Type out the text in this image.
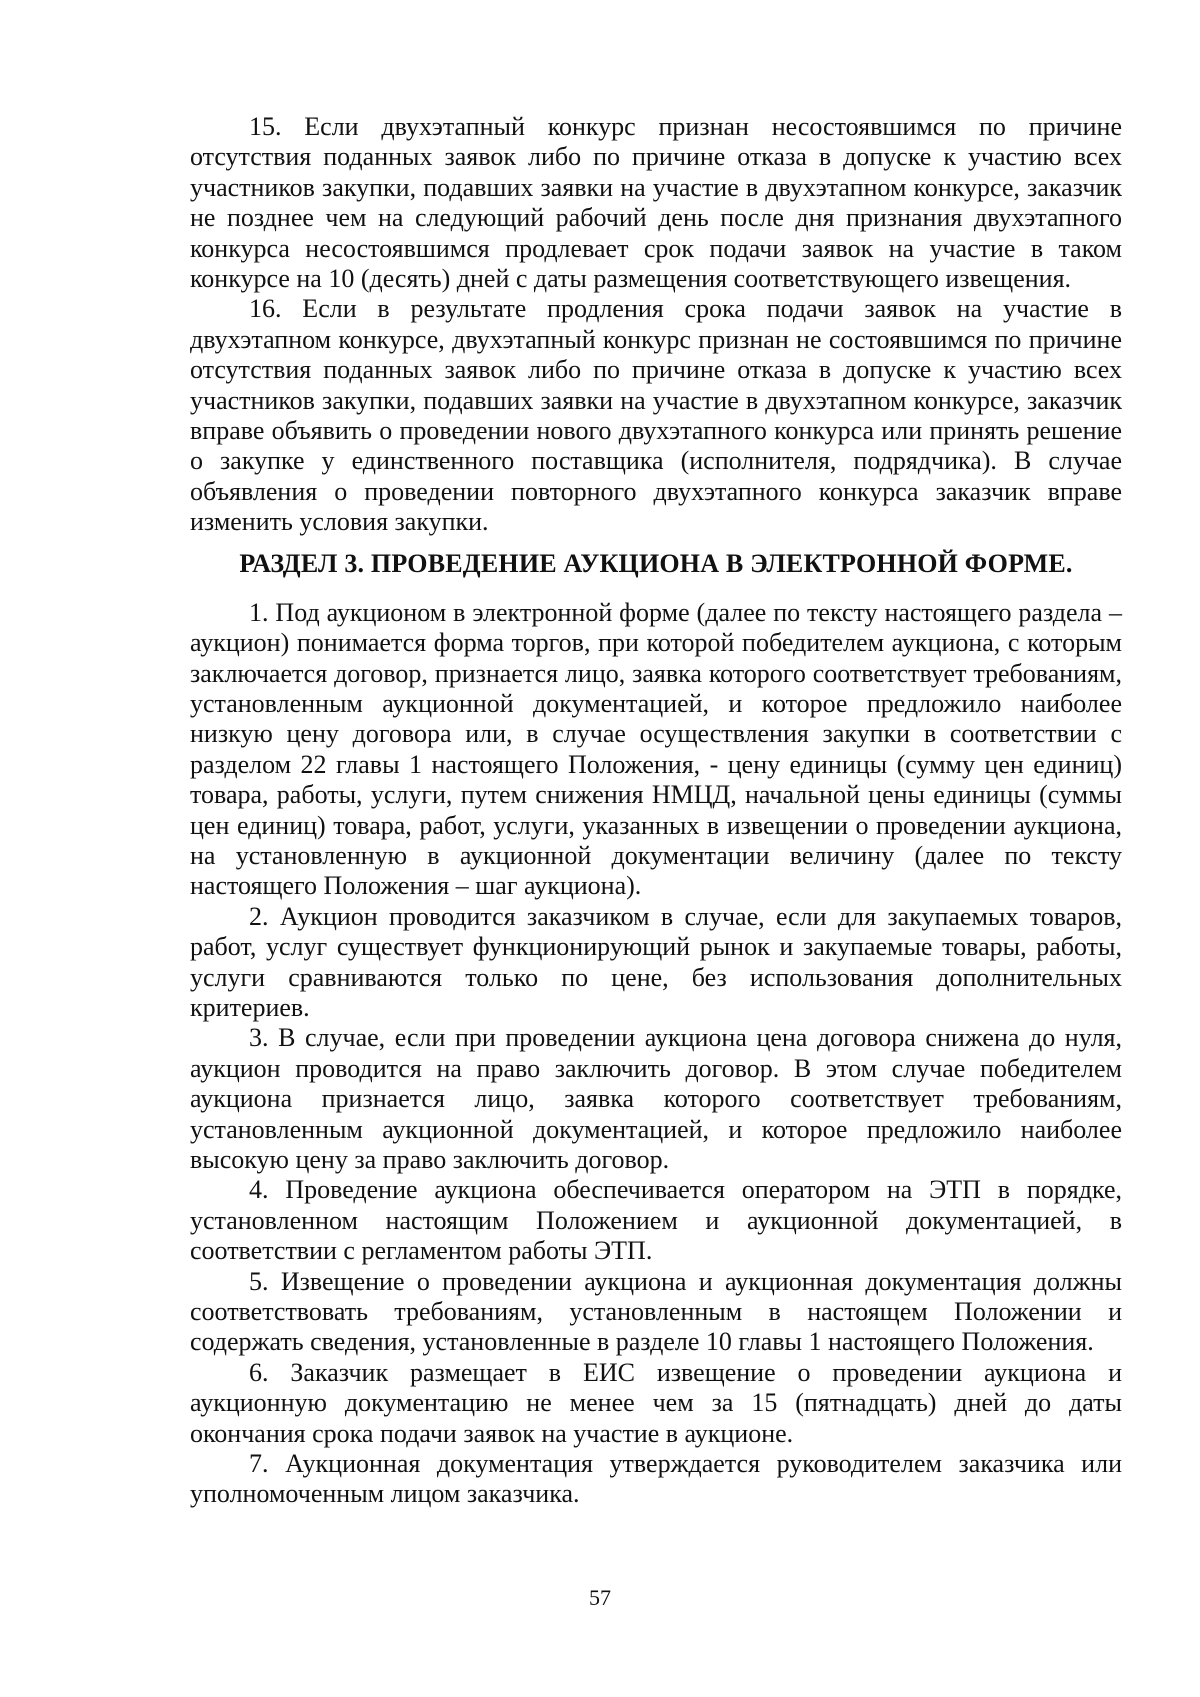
15. Если двухэтапный конкурс признан несостоявшимся по причине отсутствия поданных заявок либо по причине отказа в допуске к участию всех участников закупки, подавших заявки на участие в двухэтапном конкурсе, заказчик не позднее чем на следующий рабочий день после дня признания двухэтапного конкурса несостоявшимся продлевает срок подачи заявок на участие в таком конкурсе на 10 (десять) дней с даты размещения соответствующего извещения.

16. Если в результате продления срока подачи заявок на участие в двухэтапном конкурсе, двухэтапный конкурс признан не состоявшимся по причине отсутствия поданных заявок либо по причине отказа в допуске к участию всех участников закупки, подавших заявки на участие в двухэтапном конкурсе, заказчик вправе объявить о проведении нового двухэтапного конкурса или принять решение о закупке у единственного поставщика (исполнителя, подрядчика). В случае объявления о проведении повторного двухэтапного конкурса заказчик вправе изменить условия закупки.

РАЗДЕЛ 3. ПРОВЕДЕНИЕ АУКЦИОНА В ЭЛЕКТРОННОЙ ФОРМЕ.

1. Под аукционом в электронной форме (далее по тексту настоящего раздела – аукцион) понимается форма торгов, при которой победителем аукциона, с которым заключается договор, признается лицо, заявка которого соответствует требованиям, установленным аукционной документацией, и которое предложило наиболее низкую цену договора или, в случае осуществления закупки в соответствии с разделом 22 главы 1 настоящего Положения, - цену единицы (сумму цен единиц) товара, работы, услуги, путем снижения НМЦД, начальной цены единицы (суммы цен единиц) товара, работ, услуги, указанных в извещении о проведении аукциона, на установленную в аукционной документации величину (далее по тексту настоящего Положения – шаг аукциона).

2. Аукцион проводится заказчиком в случае, если для закупаемых товаров, работ, услуг существует функционирующий рынок и закупаемые товары, работы, услуги сравниваются только по цене, без использования дополнительных критериев.

3. В случае, если при проведении аукциона цена договора снижена до нуля, аукцион проводится на право заключить договор. В этом случае победителем аукциона признается лицо, заявка которого соответствует требованиям, установленным аукционной документацией, и которое предложило наиболее высокую цену за право заключить договор.

4. Проведение аукциона обеспечивается оператором на ЭТП в порядке, установленном настоящим Положением и аукционной документацией, в соответствии с регламентом работы ЭТП.

5. Извещение о проведении аукциона и аукционная документация должны соответствовать требованиям, установленным в настоящем Положении и содержать сведения, установленные в разделе 10 главы 1 настоящего Положения.

6. Заказчик размещает в ЕИС извещение о проведении аукциона и аукционную документацию не менее чем за 15 (пятнадцать) дней до даты окончания срока подачи заявок на участие в аукционе.

7. Аукционная документация утверждается руководителем заказчика или уполномоченным лицом заказчика.

57
